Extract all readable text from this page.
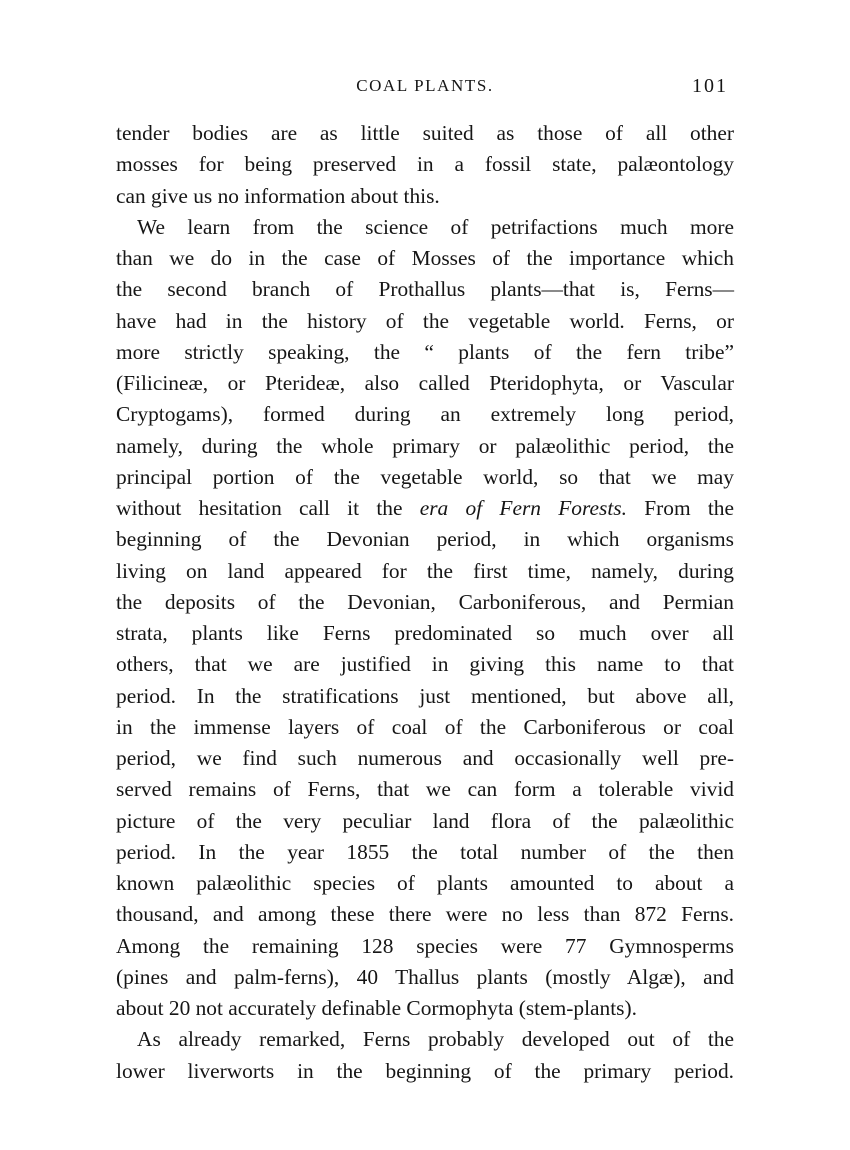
COAL PLANTS.	101
tender bodies are as little suited as those of all other
mosses for being preserved in a fossil state, palæontology
can give us no information about this.
We learn from the science of petrifactions much more
than we do in the case of Mosses of the importance which
the second branch of Prothallus plants—that is, Ferns—
have had in the history of the vegetable world. Ferns, or
more strictly speaking, the “ plants of the fern tribe”
(Filicineæ, or Pterideæ, also called Pteridophyta, or Vascular
Cryptogams), formed during an extremely long period,
namely, during the whole primary or palæolithic period, the
principal portion of the vegetable world, so that we may
without hesitation call it the era of Fern Forests. From the
beginning of the Devonian period, in which organisms
living on land appeared for the first time, namely, during
the deposits of the Devonian, Carboniferous, and Permian
strata, plants like Ferns predominated so much over all
others, that we are justified in giving this name to that
period. In the stratifications just mentioned, but above all,
in the immense layers of coal of the Carboniferous or coal
period, we find such numerous and occasionally well pre-
served remains of Ferns, that we can form a tolerable vivid
picture of the very peculiar land flora of the palæolithic
period. In the year 1855 the total number of the then
known palæolithic species of plants amounted to about a
thousand, and among these there were no less than 872 Ferns.
Among the remaining 128 species were 77 Gymnosperms
(pines and palm-ferns), 40 Thallus plants (mostly Algæ), and
about 20 not accurately definable Cormophyta (stem-plants).
As already remarked, Ferns probably developed out of the
lower liverworts in the beginning of the primary period.
